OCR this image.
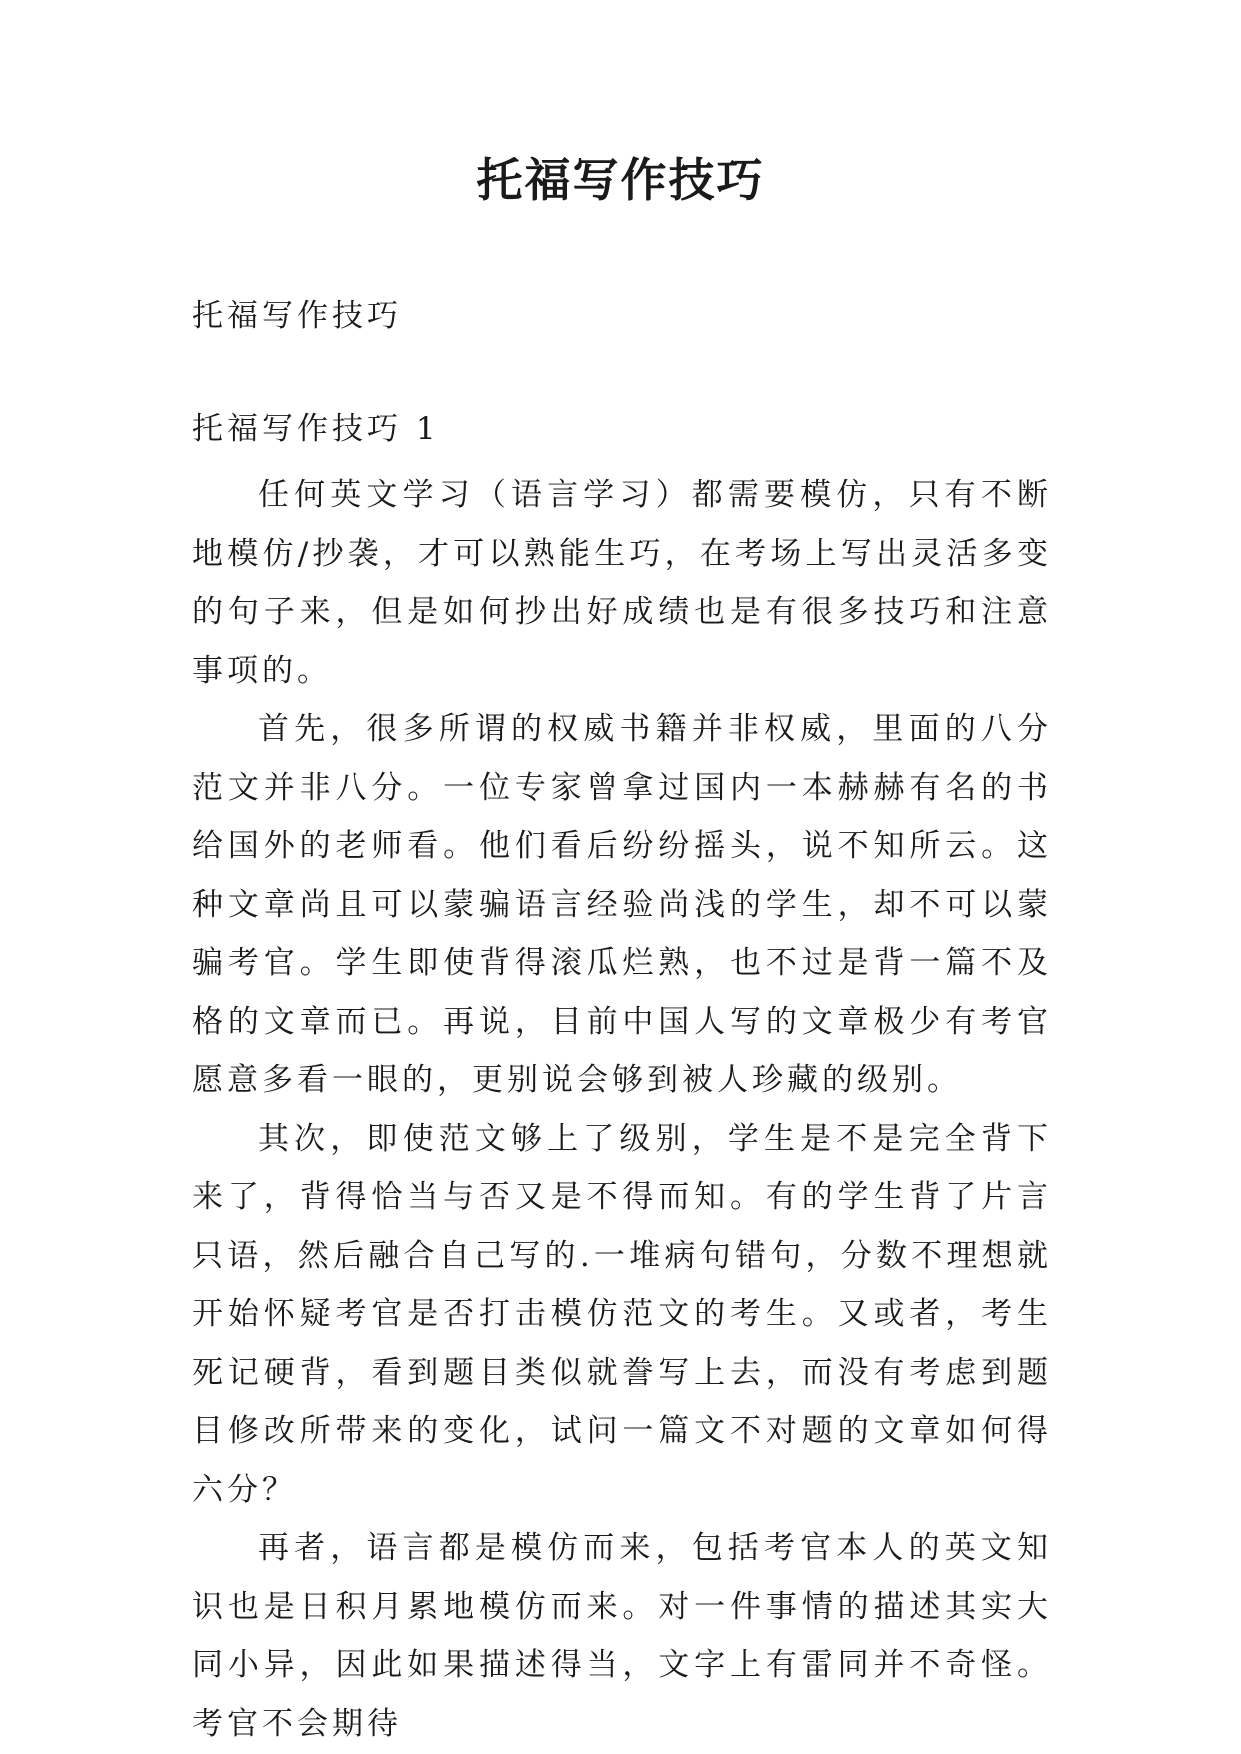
托福写作技巧

托福写作技巧

托福写作技巧 1

任何英文学习（语言学习）都需要模仿，只有不断地模仿/抄袭，才可以熟能生巧，在考场上写出灵活多变的句子来，但是如何抄出好成绩也是有很多技巧和注意事项的。

首先，很多所谓的权威书籍并非权威，里面的八分范文并非八分。一位专家曾拿过国内一本赫赫有名的书给国外的老师看。他们看后纷纷摇头，说不知所云。这种文章尚且可以蒙骗语言经验尚浅的学生，却不可以蒙骗考官。学生即使背得滚瓜烂熟，也不过是背一篇不及格的文章而已。再说，目前中国人写的文章极少有考官愿意多看一眼的，更别说会够到被人珍藏的级别。

其次，即使范文够上了级别，学生是不是完全背下来了，背得恰当与否又是不得而知。有的学生背了片言只语，然后融合自己写的.一堆病句错句，分数不理想就开始怀疑考官是否打击模仿范文的考生。又或者，考生死记硬背，看到题目类似就誊写上去，而没有考虑到题目修改所带来的变化，试问一篇文不对题的文章如何得六分？

再者，语言都是模仿而来，包括考官本人的英文知识也是日积月累地模仿而来。对一件事情的描述其实大同小异，因此如果描述得当，文字上有雷同并不奇怪。考官不会期待
